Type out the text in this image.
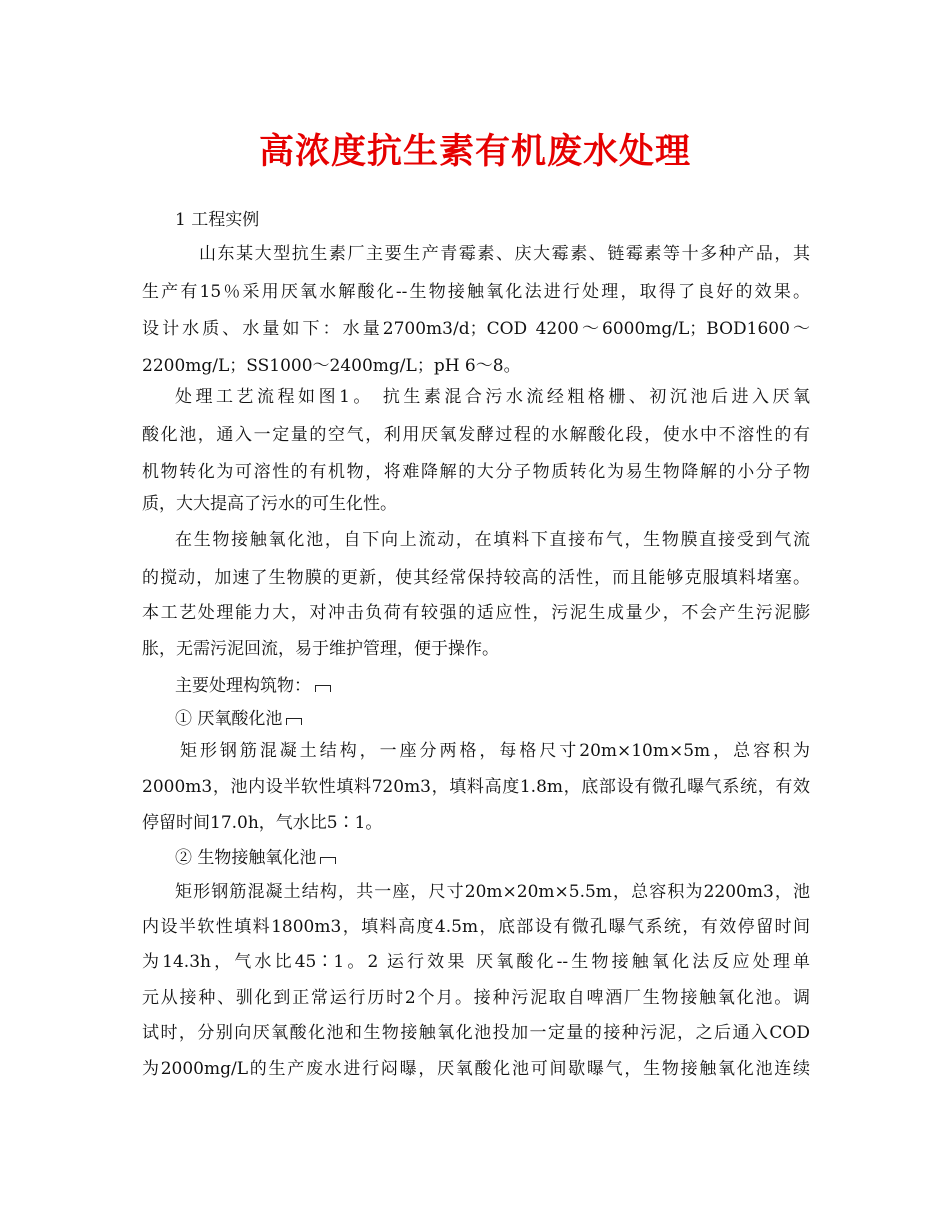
高浓度抗生素有机废水处理
1 工程实例
山东某大型抗生素厂主要生产青霉素、庆大霉素、链霉素等十多种产品，其
生产有15％采用厌氧水解酸化--生物接触氧化法进行处理，取得了良好的效果。
设计水质、水量如下：水量2700m3/d；COD 4200～6000mg/L；BOD1600～
2200mg/L；SS1000～2400mg/L；pH 6～8。
处理工艺流程如图1。 抗生素混合污水流经粗格栅、初沉池后进入厌氧
酸化池，通入一定量的空气，利用厌氧发酵过程的水解酸化段，使水中不溶性的有
机物转化为可溶性的有机物，将难降解的大分子物质转化为易生物降解的小分子物
质，大大提高了污水的可生化性。
在生物接触氧化池，自下向上流动，在填料下直接布气，生物膜直接受到气流
的搅动，加速了生物膜的更新，使其经常保持较高的活性，而且能够克服填料堵塞。
本工艺处理能力大，对冲击负荷有较强的适应性，污泥生成量少，不会产生污泥膨
胀，无需污泥回流，易于维护管理，便于操作。
主要处理构筑物：
① 厌氧酸化池
矩形钢筋混凝土结构，一座分两格，每格尺寸20m×10m×5m，总容积为
2000m3，池内设半软性填料720m3，填料高度1.8m，底部设有微孔曝气系统，有效
停留时间17.0h，气水比5∶1。
② 生物接触氧化池
矩形钢筋混凝土结构，共一座，尺寸20m×20m×5.5m，总容积为2200m3，池
内设半软性填料1800m3，填料高度4.5m，底部设有微孔曝气系统，有效停留时间
为14.3h，气水比45∶1。2 运行效果 厌氧酸化--生物接触氧化法反应处理单
元从接种、驯化到正常运行历时2个月。接种污泥取自啤酒厂生物接触氧化池。调
试时，分别向厌氧酸化池和生物接触氧化池投加一定量的接种污泥，之后通入COD
为2000mg/L的生产废水进行闷曝，厌氧酸化池可间歇曝气，生物接触氧化池连续
